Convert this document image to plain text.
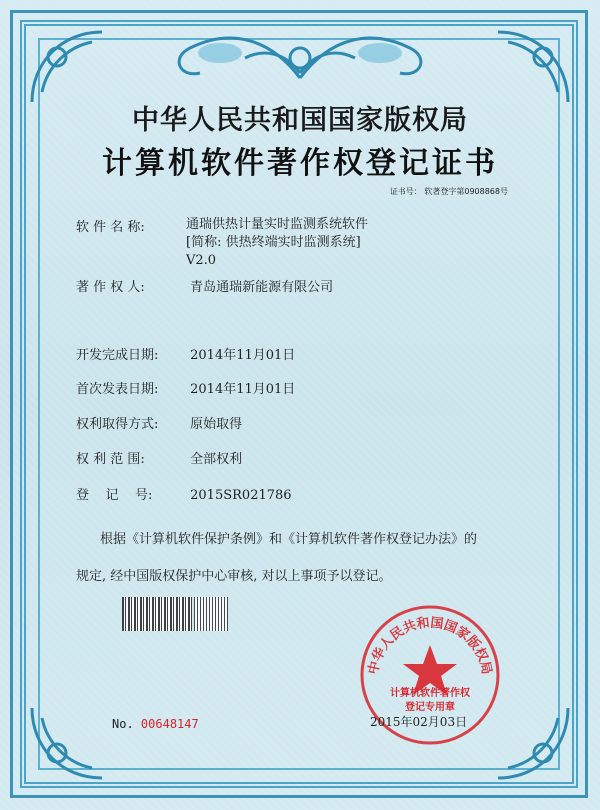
中华人民共和国国家版权局
计算机软件著作权登记证书
证书号： 软著登字第0908868号
软 件 名 称:	通瑞供热计量实时监测系统软件
[简称: 供热终端实时监测系统]
V2.0
著 作 权 人:	青岛通瑞新能源有限公司
开发完成日期: 2014年11月01日
首次发表日期: 2014年11月01日
权利取得方式: 原始取得
权 利 范 围:	全部权利
登    记    号:	2015SR021786
根据《计算机软件保护条例》和《计算机软件著作权登记办法》的
规定, 经中国版权保护中心审核, 对以上事项予以登记。
中华人民共和国国家版权局
计算机软件著作权
登记专用章
2015年02月03日
No. 00648147
